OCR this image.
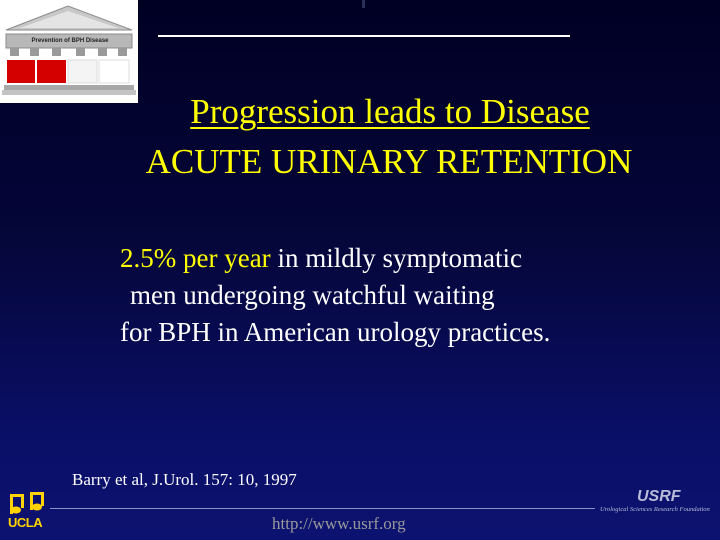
Prevention of BPH Disease
Progression leads to Disease
ACUTE URINARY RETENTION
2.5% per year in mildly symptomatic
men undergoing watchful waiting
for BPH in American urology practices.
Barry et al, J.Urol. 157: 10, 1997
http://www.usrf.org
UCLA
USRF
Urological Sciences Research Foundation
